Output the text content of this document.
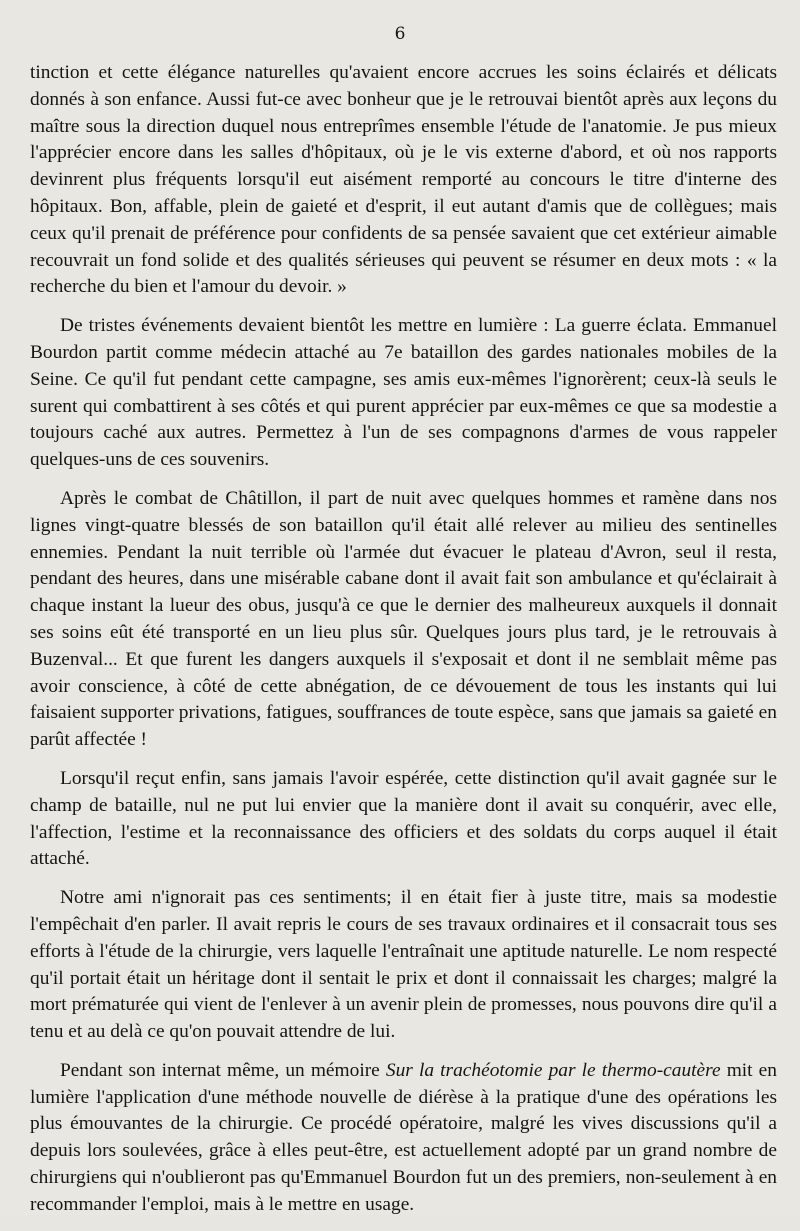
6

tinction et cette élégance naturelles qu'avaient encore accrues les soins éclairés et délicats donnés à son enfance. Aussi fut-ce avec bonheur que je le retrouvai bientôt après aux leçons du maître sous la direction duquel nous entreprîmes ensemble l'étude de l'anatomie. Je pus mieux l'apprécier encore dans les salles d'hôpitaux, où je le vis externe d'abord, et où nos rapports devinrent plus fréquents lorsqu'il eut aisément remporté au concours le titre d'interne des hôpitaux. Bon, affable, plein de gaieté et d'esprit, il eut autant d'amis que de collègues; mais ceux qu'il prenait de préférence pour confidents de sa pensée savaient que cet extérieur aimable recouvrait un fond solide et des qualités sérieuses qui peuvent se résumer en deux mots : « la recherche du bien et l'amour du devoir. »

De tristes événements devaient bientôt les mettre en lumière : La guerre éclata. Emmanuel Bourdon partit comme médecin attaché au 7e bataillon des gardes nationales mobiles de la Seine. Ce qu'il fut pendant cette campagne, ses amis eux-mêmes l'ignorèrent; ceux-là seuls le surent qui combattirent à ses côtés et qui purent apprécier par eux-mêmes ce que sa modestie a toujours caché aux autres. Permettez à l'un de ses compagnons d'armes de vous rappeler quelques-uns de ces souvenirs.

Après le combat de Châtillon, il part de nuit avec quelques hommes et ramène dans nos lignes vingt-quatre blessés de son bataillon qu'il était allé relever au milieu des sentinelles ennemies. Pendant la nuit terrible où l'armée dut évacuer le plateau d'Avron, seul il resta, pendant des heures, dans une misérable cabane dont il avait fait son ambulance et qu'éclairait à chaque instant la lueur des obus, jusqu'à ce que le dernier des malheureux auxquels il donnait ses soins eût été transporté en un lieu plus sûr. Quelques jours plus tard, je le retrouvais à Buzenval... Et que furent les dangers auxquels il s'exposait et dont il ne semblait même pas avoir conscience, à côté de cette abnégation, de ce dévouement de tous les instants qui lui faisaient supporter privations, fatigues, souffrances de toute espèce, sans que jamais sa gaieté en parût affectée !

Lorsqu'il reçut enfin, sans jamais l'avoir espérée, cette distinction qu'il avait gagnée sur le champ de bataille, nul ne put lui envier que la manière dont il avait su conquérir, avec elle, l'affection, l'estime et la reconnaissance des officiers et des soldats du corps auquel il était attaché.

Notre ami n'ignorait pas ces sentiments; il en était fier à juste titre, mais sa modestie l'empêchait d'en parler. Il avait repris le cours de ses travaux ordinaires et il consacrait tous ses efforts à l'étude de la chirurgie, vers laquelle l'entraînait une aptitude naturelle. Le nom respecté qu'il portait était un héritage dont il sentait le prix et dont il connaissait les charges; malgré la mort prématurée qui vient de l'enlever à un avenir plein de promesses, nous pouvons dire qu'il a tenu et au delà ce qu'on pouvait attendre de lui.

Pendant son internat même, un mémoire Sur la trachéotomie par le thermo-cautère mit en lumière l'application d'une méthode nouvelle de diérèse à la pratique d'une des opérations les plus émouvantes de la chirurgie. Ce procédé opératoire, malgré les vives discussions qu'il a depuis lors soulevées, grâce à elles peut-être, est actuellement adopté par un grand nombre de chirurgiens qui n'oublieront pas qu'Emmanuel Bourdon fut un des premiers, non-seulement à en recommander l'emploi, mais à le mettre en usage.
